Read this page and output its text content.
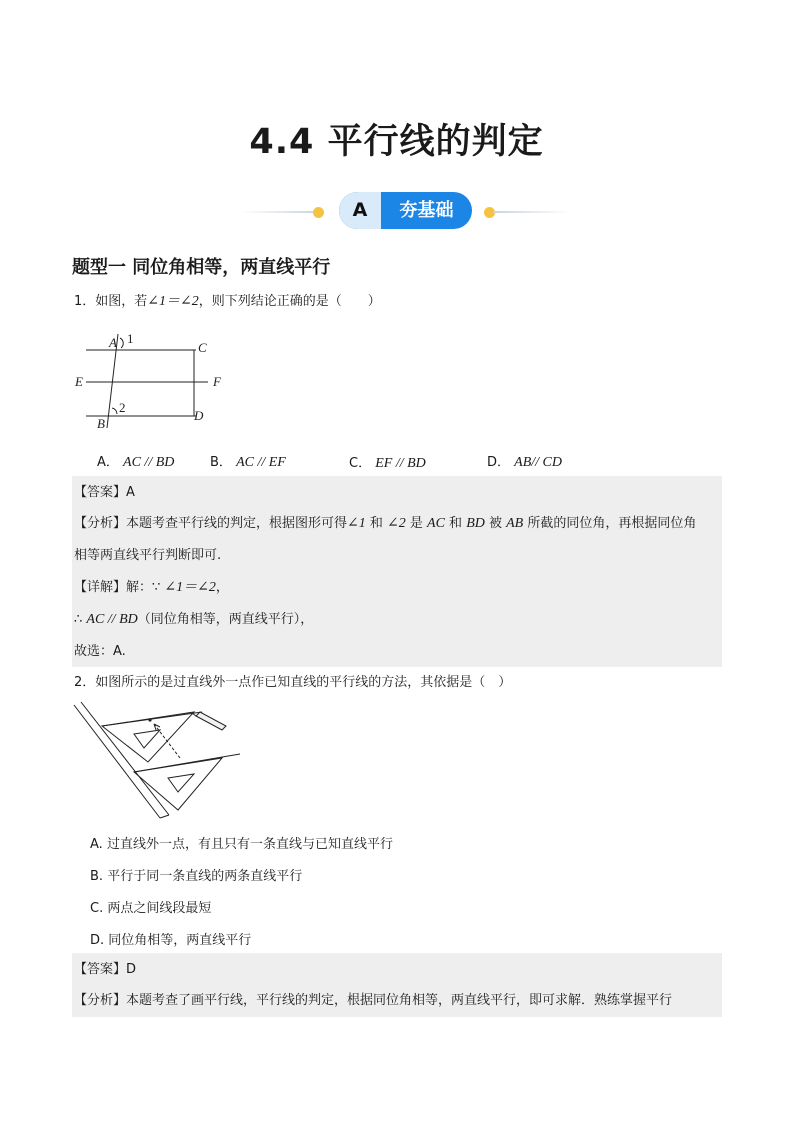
4.4 平行线的判定
A	夯基础
题型一 同位角相等，两直线平行
1．如图，若∠1＝∠2，则下列结论正确的是（　　）
A 1
C
E	F
2
D
B
A． AC // BD	B． AC // EF	C． EF // BD	D． AB// CD
【答案】A
【分析】本题考查平行线的判定，根据图形可得∠1 和 ∠2 是 AC 和 BD 被 AB 所截的同位角，再根据同位角
相等两直线平行判断即可.
【详解】解：∵ ∠1＝∠2，
∴ AC // BD（同位角相等，两直线平行），
故选：A.
2．如图所示的是过直线外一点作已知直线的平行线的方法，其依据是（　）
A. 过直线外一点，有且只有一条直线与已知直线平行
B. 平行于同一条直线的两条直线平行
C. 两点之间线段最短
D. 同位角相等，两直线平行
【答案】D
【分析】本题考查了画平行线，平行线的判定，根据同位角相等，两直线平行，即可求解．熟练掌握平行
